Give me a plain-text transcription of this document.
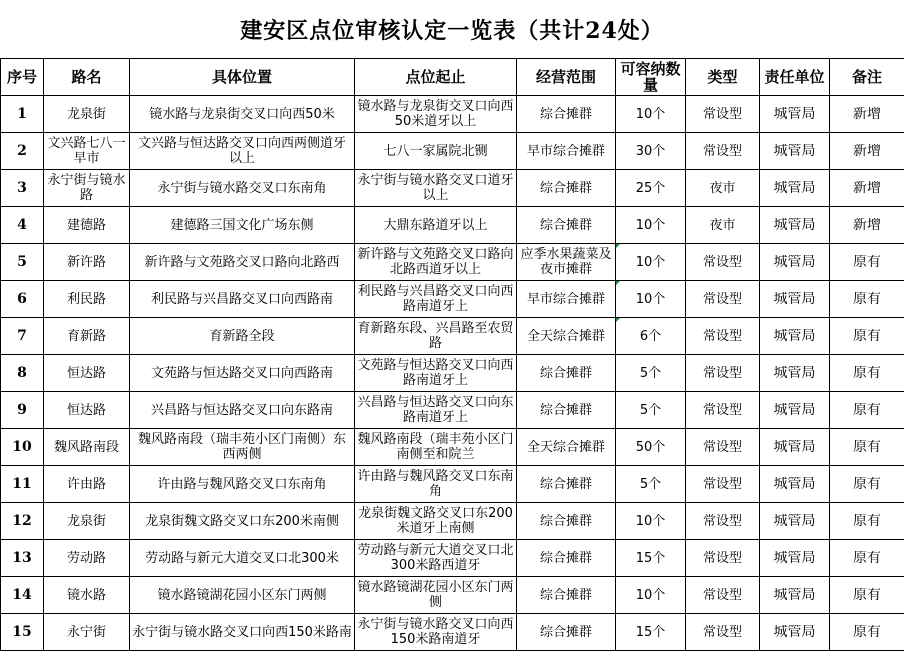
建安区点位审核认定一览表（共计24处）
序号	路名	具体位置	点位起止	经营范围	可容纳数量	类型	责任单位	备注

1	龙泉街	镜水路与龙泉街交叉口向西50米	镜水路与龙泉街交叉口向西50米道牙以上	综合摊群	10个	常设型	城管局	新增

2	文兴路七八一早市	文兴路与恒达路交叉口向西两侧道牙以上	七八一家属院北铡	早市综合摊群	30个	常设型	城管局	新增

3	永宁街与镜水路	永宁街与镜水路交叉口东南角	永宁街与镜水路交叉口道牙以上	综合摊群	25个	夜市	城管局	新增

4	建德路	建德路三国文化广场东侧	大鼎东路道牙以上	综合摊群	10个	夜市	城管局	新增

5	新许路	新许路与文苑路交叉口路向北路西	新许路与文苑路交叉口路向北路西道牙以上	应季水果蔬菜及夜市摊群	10个	常设型	城管局	原有

6	利民路	利民路与兴昌路交叉口向西路南	利民路与兴昌路交叉口向西路南道牙上	早市综合摊群	10个	常设型	城管局	原有

7	育新路	育新路全段	育新路东段、兴昌路至农贸路	全天综合摊群	6个	常设型	城管局	原有

8	恒达路	文苑路与恒达路交叉口向西路南	文苑路与恒达路交叉口向西路南道牙上	综合摊群	5个	常设型	城管局	原有

9	恒达路	兴昌路与恒达路交叉口向东路南	兴昌路与恒达路交叉口向东路南道牙上	综合摊群	5个	常设型	城管局	原有

10	魏风路南段	魏风路南段（瑞丰苑小区门南侧）东西两侧	魏风路南段（瑞丰苑小区门南侧至和院兰	全天综合摊群	50个	常设型	城管局	原有

11	许由路	许由路与魏风路交叉口东南角	许由路与魏风路交叉口东南角	综合摊群	5个	常设型	城管局	原有

12	龙泉街	龙泉街魏文路交叉口东200米南侧	龙泉街魏文路交叉口东200米道牙上南侧	综合摊群	10个	常设型	城管局	原有

13	劳动路	劳动路与新元大道交叉口北300米	劳动路与新元大道交叉口北300米路西道牙	综合摊群	15个	常设型	城管局	原有

14	镜水路	镜水路镜湖花园小区东门两侧	镜水路镜湖花园小区东门两侧	综合摊群	10个	常设型	城管局	原有

15	永宁街	永宁街与镜水路交叉口向西150米路南	永宁街与镜水路交叉口向西150米路南道牙	综合摊群	15个	常设型	城管局	原有
